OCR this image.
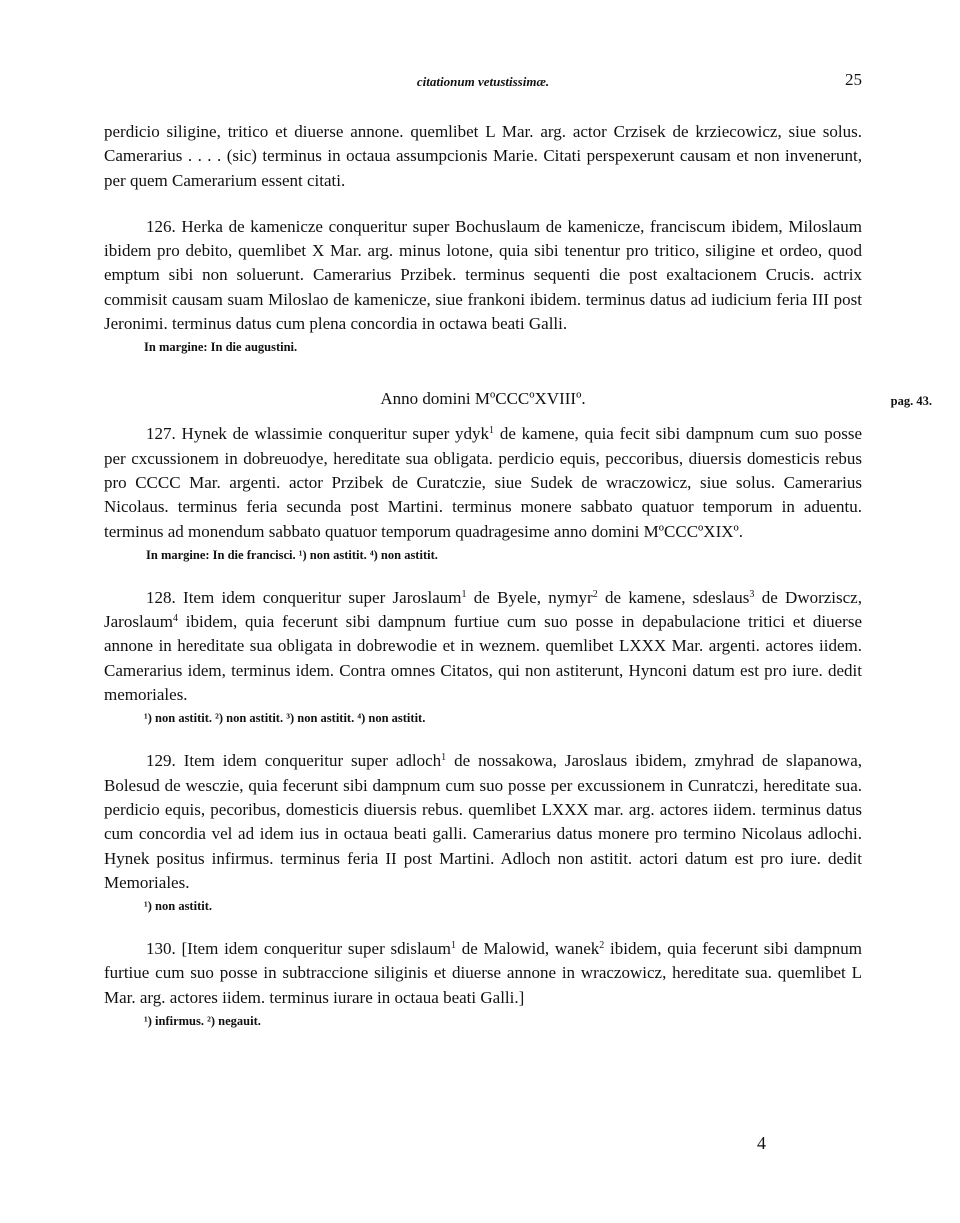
citationum vetustissimæ.	25

perdicio siligine, tritico et diuerse annone. quemlibet L Mar. arg. actor Crzisek de krziecowicz, siue solus. Camerarius . . . . (sic) terminus in octaua assumpcionis Marie. Citati perspexerunt causam et non invenerunt, per quem Camerarium essent citati.

126. Herka de kamenicze conqueritur super Bochuslaum de kamenicze, franciscum ibidem, Miloslaum ibidem pro debito, quemlibet X Mar. arg. minus lotone, quia sibi tenentur pro tritico, siligine et ordeo, quod emptum sibi non soluerunt. Camerarius Przibek. terminus sequenti die post exaltacionem Crucis. actrix commisit causam suam Miloslao de kamenicze, siue frankoni ibidem. terminus datus ad iudicium feria III post Jeronimi. terminus datus cum plena concordia in octawa beati Galli.

In margine: In die augustini.

Anno domini MºCCCºXVIIIº.	pag. 43.

127. Hynek de wlassimie conqueritur super ydyk$^1$ de kamene, quia fecit sibi dampnum cum suo posse per cxcussionem in dobreuodye, hereditate sua obligata. perdicio equis, peccoribus, diuersis domesticis rebus pro CCCC Mar. argenti. actor Przibek de Curatczie, siue Sudek de wraczowicz, siue solus. Camerarius Nicolaus. terminus feria secunda post Martini. terminus monere sabbato quatuor temporum in aduentu. terminus ad monendum sabbato quatuor temporum quadragesime anno domini MºCCCºXIXº.

In margine: In die francisci. ¹) non astitit. ⁴) non astitit.

128. Item idem conqueritur super Jaroslaum$^1$ de Byele, nymyr$^2$ de kamene, sdeslaus$^3$ de Dworziscz, Jaroslaum$^4$ ibidem, quia fecerunt sibi dampnum furtiue cum suo posse in depabulacione tritici et diuerse annone in hereditate sua obligata in dobrewodie et in weznem. quemlibet LXXX Mar. argenti. actores iidem. Camerarius idem, terminus idem. Contra omnes Citatos, qui non astiterunt, Hynconi datum est pro iure. dedit memoriales.

¹) non astitit. ²) non astitit. ³) non astitit. ⁴) non astitit.

129. Item idem conqueritur super adloch$^1$ de nossakowa, Jaroslaus ibidem, zmyhrad de slapanowa, Bolesud de wesczie, quia fecerunt sibi dampnum cum suo posse per excussionem in Cunratczi, hereditate sua. perdicio equis, pecoribus, domesticis diuersis rebus. quemlibet LXXX mar. arg. actores iidem. terminus datus cum concordia vel ad idem ius in octaua beati galli. Camerarius datus monere pro termino Nicolaus adlochi. Hynek positus infirmus. terminus feria II post Martini. Adloch non astitit. actori datum est pro iure. dedit Memoriales.

¹) non astitit.

130. [Item idem conqueritur super sdislaum$^1$ de Malowid, wanek$^2$ ibidem, quia fecerunt sibi dampnum furtiue cum suo posse in subtraccione siliginis et diuerse annone in wraczowicz, hereditate sua. quemlibet L Mar. arg. actores iidem. terminus iurare in octaua beati Galli.]

¹) infirmus. ²) negauit.

4
